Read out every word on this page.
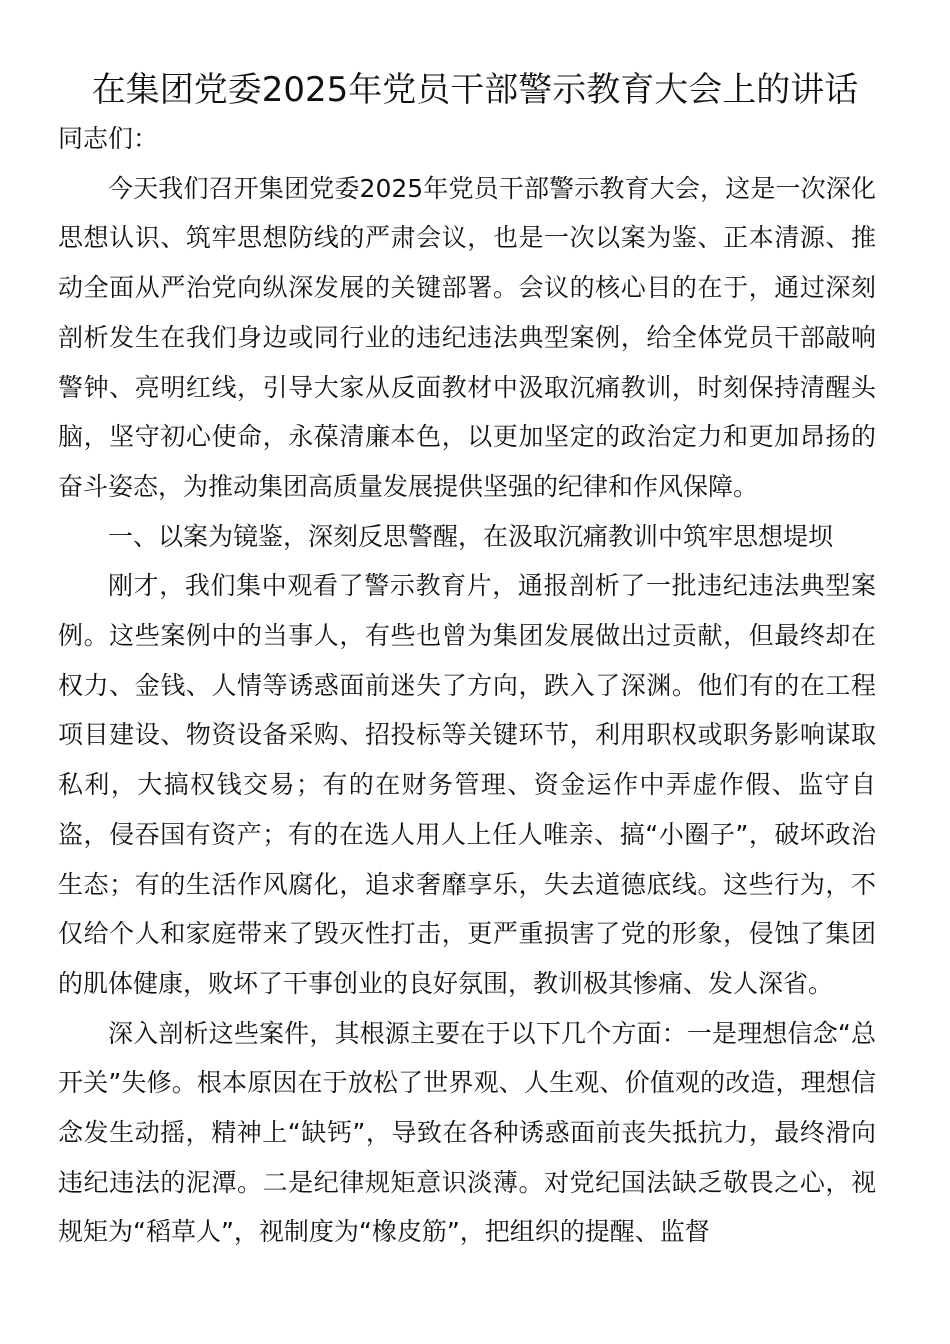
在集团党委2025年党员干部警示教育大会上的讲话

同志们：

今天我们召开集团党委2025年党员干部警示教育大会，这是一次深化思想认识、筑牢思想防线的严肃会议，也是一次以案为鉴、正本清源、推动全面从严治党向纵深发展的关键部署。会议的核心目的在于，通过深刻剖析发生在我们身边或同行业的违纪违法典型案例，给全体党员干部敲响警钟、亮明红线，引导大家从反面教材中汲取沉痛教训，时刻保持清醒头脑，坚守初心使命，永葆清廉本色，以更加坚定的政治定力和更加昂扬的奋斗姿态，为推动集团高质量发展提供坚强的纪律和作风保障。

一、以案为镜鉴，深刻反思警醒，在汲取沉痛教训中筑牢思想堤坝

刚才，我们集中观看了警示教育片，通报剖析了一批违纪违法典型案例。这些案例中的当事人，有些也曾为集团发展做出过贡献，但最终却在权力、金钱、人情等诱惑面前迷失了方向，跌入了深渊。他们有的在工程项目建设、物资设备采购、招投标等关键环节，利用职权或职务影响谋取私利，大搞权钱交易；有的在财务管理、资金运作中弄虚作假、监守自盗，侵吞国有资产；有的在选人用人上任人唯亲、搞“小圈子”，破坏政治生态；有的生活作风腐化，追求奢靡享乐，失去道德底线。这些行为，不仅给个人和家庭带来了毁灭性打击，更严重损害了党的形象，侵蚀了集团的肌体健康，败坏了干事创业的良好氛围，教训极其惨痛、发人深省。

深入剖析这些案件，其根源主要在于以下几个方面：一是理想信念“总开关”失修。根本原因在于放松了世界观、人生观、价值观的改造，理想信念发生动摇，精神上“缺钙”，导致在各种诱惑面前丧失抵抗力，最终滑向违纪违法的泥潭。二是纪律规矩意识淡薄。对党纪国法缺乏敬畏之心，视规矩为“稻草人”，视制度为“橡皮筋”，把组织的提醒、监督
